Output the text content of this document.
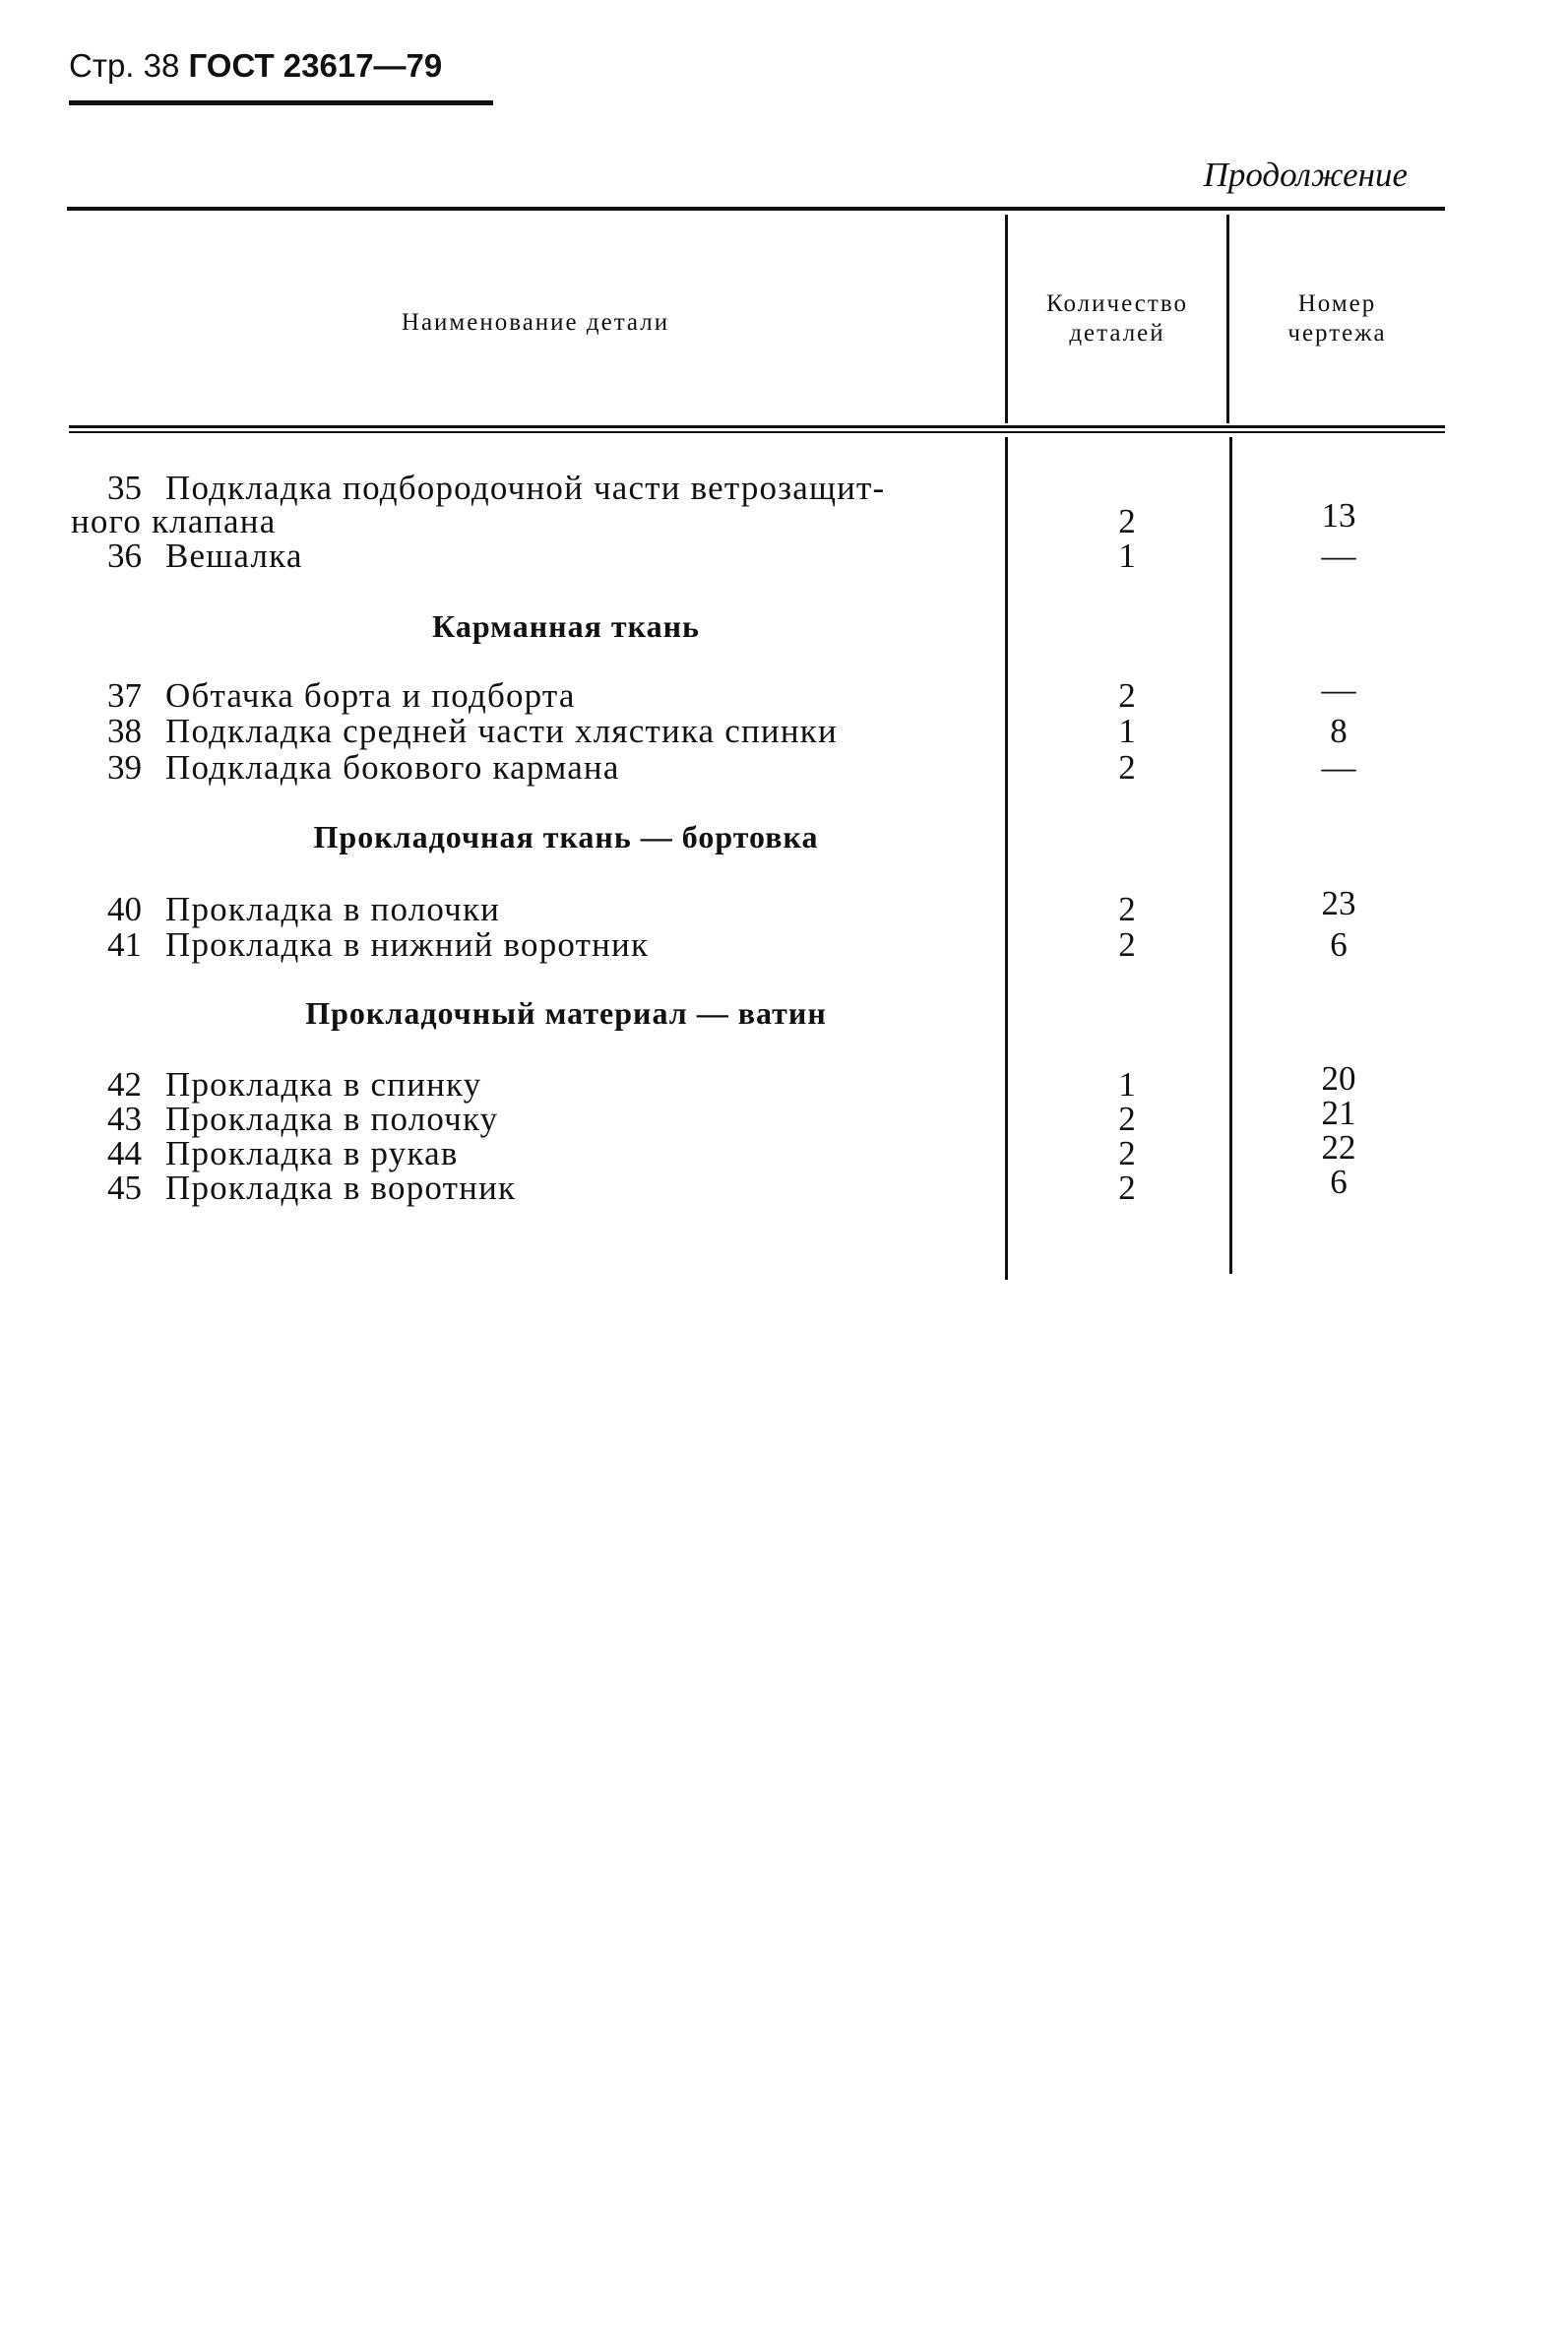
Стр. 38 ГОСТ 23617—79
Продолжение
Наименование детали
Количество
деталей
Номер
чертежа
35 Подкладка подбородочной части ветрозащит-
ного клапана	2	13
36 Вешалка	1	—
Карманная ткань
37 Обтачка борта и подборта	2	—
38 Подкладка средней части хлястика спинки	1	8
39 Подкладка бокового кармана	2	—
Прокладочная ткань — бортовка
40 Прокладка в полочки	2	23
41 Прокладка в нижний воротник	2	6
Прокладочный материал — ватин
42 Прокладка в спинку	1	20
43 Прокладка в полочку	2	21
44 Прокладка в рукав	2	22
45 Прокладка в воротник	2	6
